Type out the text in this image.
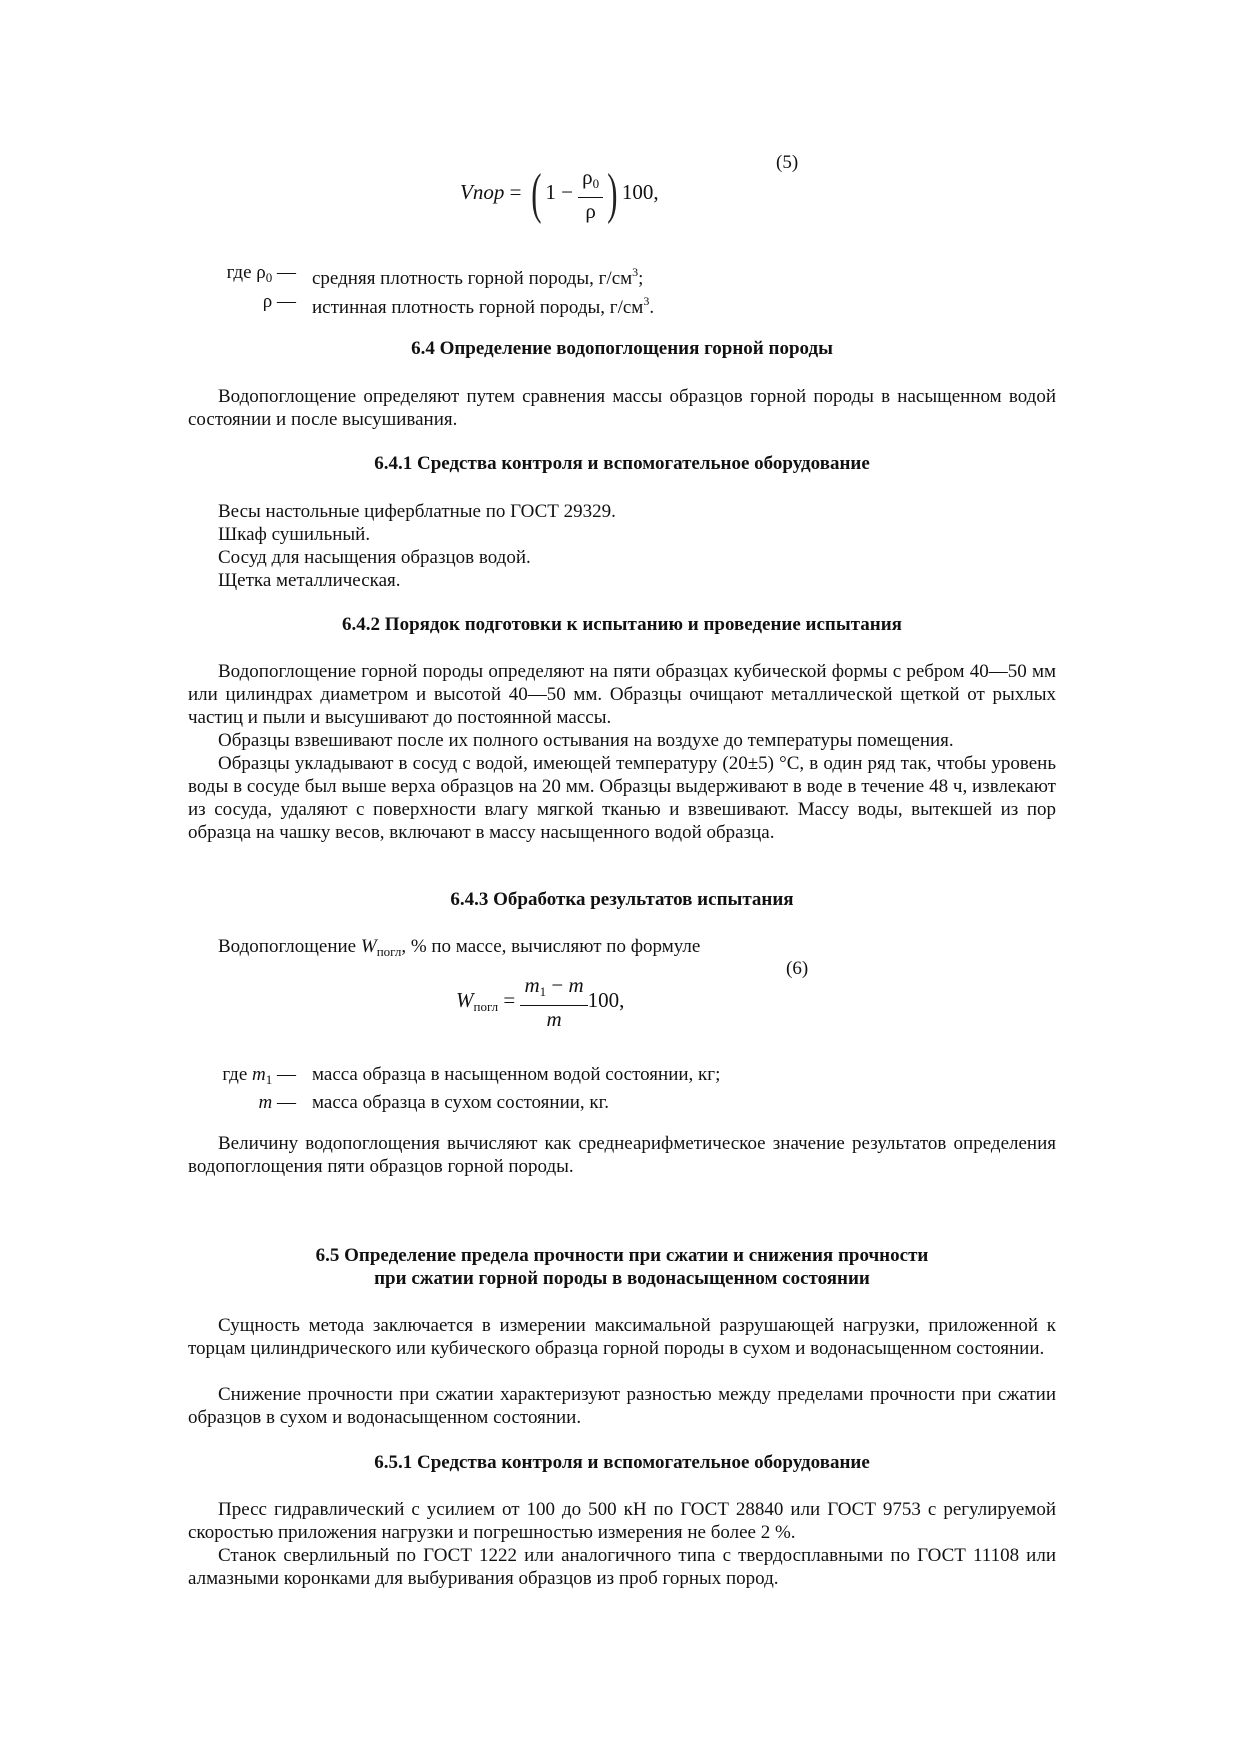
(5)
Vпор = ( $1 - \frac{\rho_0}{\rho}$ ) 100,
где $\rho_0$ —	средняя плотность горной породы, $г/см^3$;
ρ —	истинная плотность горной породы, $г/см^3$.
6.4 Определение водопоглощения горной породы

Водопоглощение определяют путем сравнения массы образцов горной породы в насыщенном водой состоянии и после высушивания.

6.4.1 Средства контроля и вспомогательное оборудование
Весы настольные циферблатные по ГОСТ 29329.
Шкаф сушильный.
Сосуд для насыщения образцов водой.
Щетка металлическая.
6.4.2 Порядок подготовки к испытанию и проведение испытания

Водопоглощение горной породы определяют на пяти образцах кубической формы с ребром 40—50 мм или цилиндрах диаметром и высотой 40—50 мм. Образцы очищают металлической щеткой от рыхлых частиц и пыли и высушивают до постоянной массы.

Образцы взвешивают после их полного остывания на воздухе до температуры помещения.

Образцы укладывают в сосуд с водой, имеющей температуру (20±5) °С, в один ряд так, чтобы уровень воды в сосуде был выше верха образцов на 20 мм. Образцы выдерживают в воде в течение 48 ч, извлекают из сосуда, удаляют с поверхности влагу мягкой тканью и взвешивают. Массу воды, вытекшей из пор образца на чашку весов, включают в массу насыщенного водой образца.

6.4.3 Обработка результатов испытания
Водопоглощение $W_{погл}$, % по массе, вычисляют по формуле
(6)
$W_{погл} = \frac{m_1 - m}{m} 100$,
где $m_1$ —	масса образца в насыщенном водой состоянии, кг;
m —	масса образца в сухом состоянии, кг.

Величину водопоглощения вычисляют как среднеарифметическое значение результатов определения водопоглощения пяти образцов горной породы.

6.5 Определение предела прочности при сжатии и снижения прочности
при сжатии горной породы в водонасыщенном состоянии

Сущность метода заключается в измерении максимальной разрушающей нагрузки, приложенной к торцам цилиндрического или кубического образца горной породы в сухом и водонасыщенном состоянии.

Снижение прочности при сжатии характеризуют разностью между пределами прочности при сжатии образцов в сухом и водонасыщенном состоянии.

6.5.1 Средства контроля и вспомогательное оборудование

Пресс гидравлический с усилием от 100 до 500 кН по ГОСТ 28840 или ГОСТ 9753 с регулируемой скоростью приложения нагрузки и погрешностью измерения не более 2 %.

Станок сверлильный по ГОСТ 1222 или аналогичного типа с твердосплавными по ГОСТ 11108 или алмазными коронками для выбуривания образцов из проб горных пород.
